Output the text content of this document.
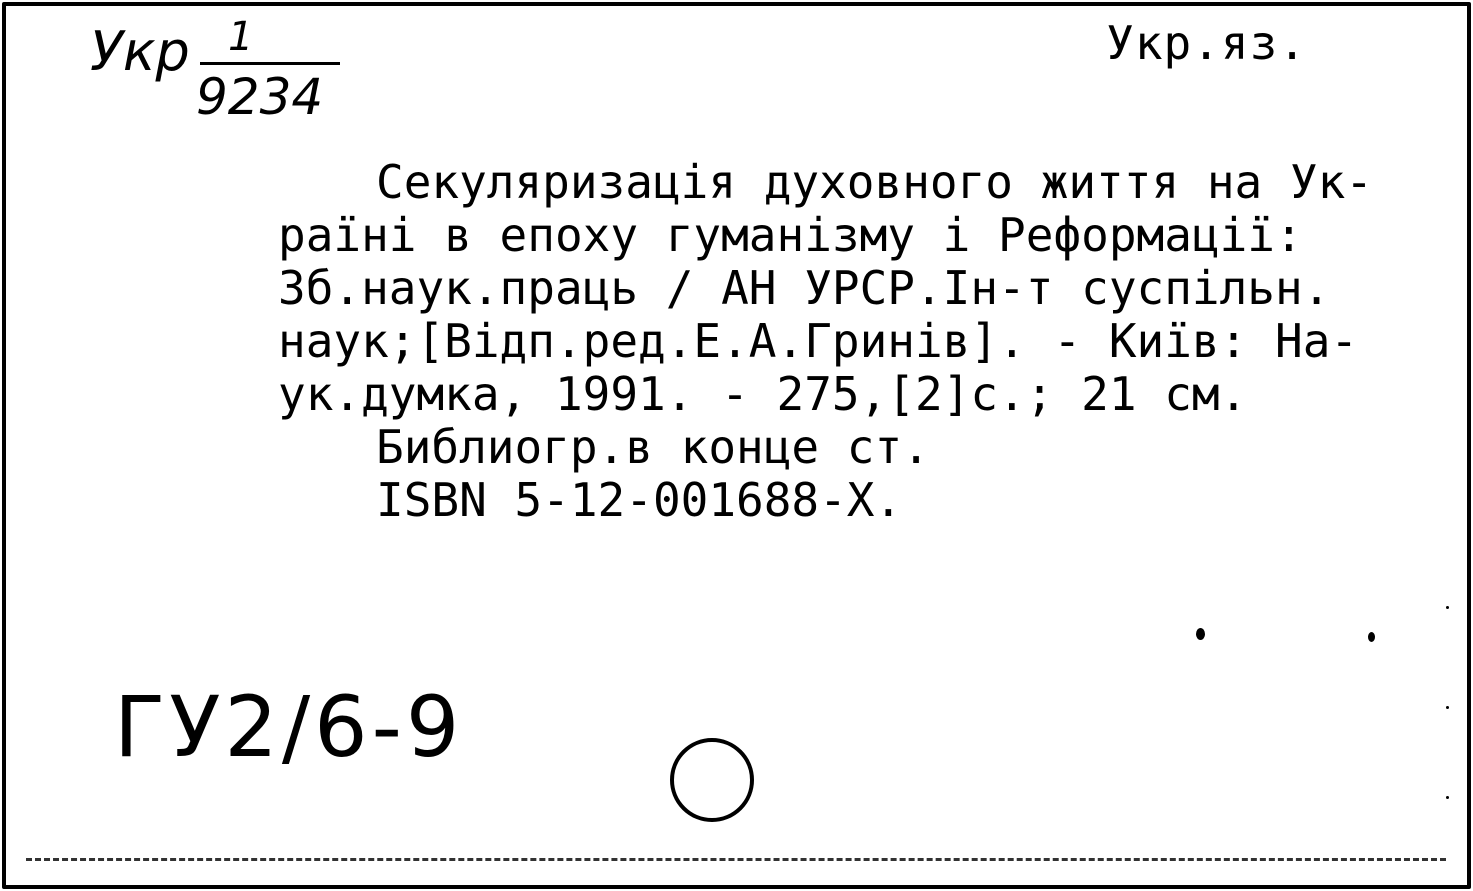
Укр 1
9234
Укр.яз.
Секуляризація духовного життя на Ук-
раїні в епоху гуманізму і Реформації:
Зб.наук.праць / АН УРСР.Ін-т суспільн.
наук;[Відп.ред.Е.А.Гринів]. - Київ: На-
ук.думка, 1991. - 275,[2]с.; 21 см.
Библиогр.в конце ст.
ISBN 5-12-001688-X.
ГУ2/6-9
